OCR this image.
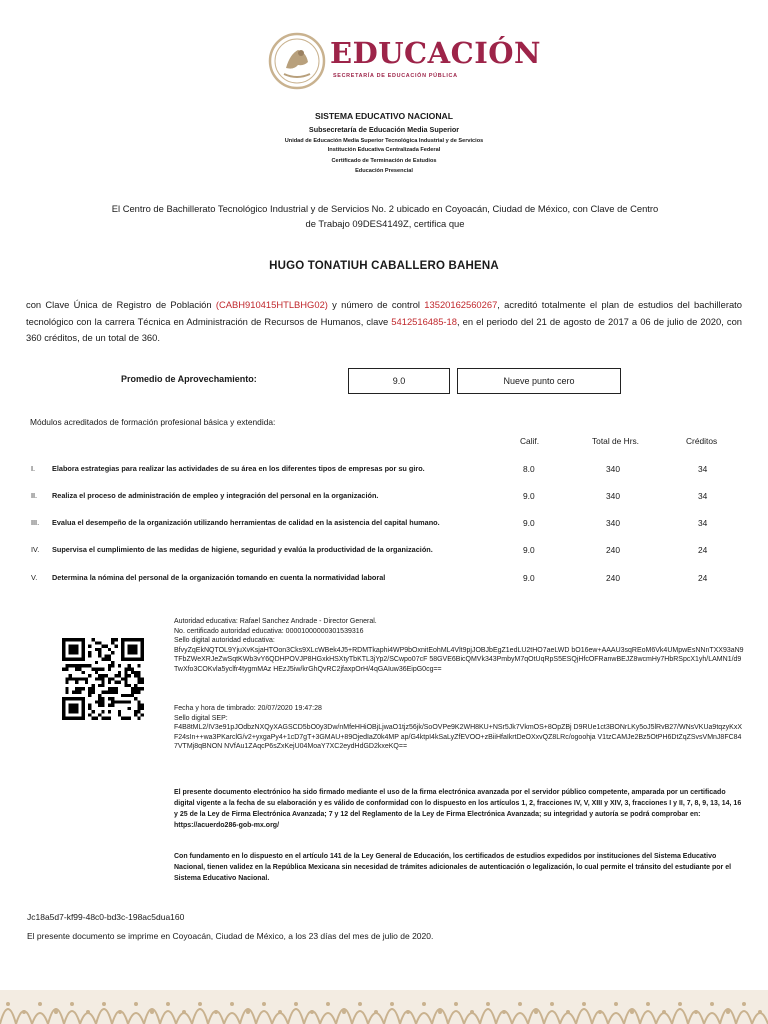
EDUCACIÓN
SECRETARÍA DE EDUCACIÓN PÚBLICA
SISTEMA EDUCATIVO NACIONAL
Subsecretaría de Educación Media Superior
Unidad de Educación Media Superior Tecnológica Industrial y de Servicios
Institución Educativa Centralizada Federal
Certificado de Terminación de Estudios
Educación Presencial
El Centro de Bachillerato Tecnológico Industrial y de Servicios No. 2 ubicado en Coyoacán, Ciudad de México, con Clave de Centro
de Trabajo 09DES4149Z, certifica que
HUGO TONATIUH CABALLERO BAHENA
con Clave Única de Registro de Población (CABH910415HTLBHG02) y número de control 13520162560267, acreditó totalmente el plan de estudios del bachillerato tecnológico con la carrera Técnica en Administración de Recursos de Humanos, clave 5412516485-18, en el periodo del 21 de agosto de 2017 a 06 de julio de 2020, con 360 créditos, de un total de 360.
Promedio de Aprovechamiento:	9.0	Nueve punto cero
Módulos acreditados de formación profesional básica y extendida:
Calif.	Total de Hrs.	Créditos
I. Elabora estrategias para realizar las actividades de su área en los diferentes tipos de empresas por su giro.	8.0	340	34
II. Realiza el proceso de administración de empleo y integración del personal en la organización.	9.0	340	34
III. Evalua el desempeño de la organización utilizando herramientas de calidad en la asistencia del capital humano.	9.0	340	34
IV. Supervisa el cumplimiento de las medidas de higiene, seguridad y evalúa la productividad de la organización.	9.0	240	24
V. Determina la nómina del personal de la organización tomando en cuenta la normatividad laboral	9.0	240	24
Autoridad educativa: Rafael Sanchez Andrade - Director General.
No. certificado autoridad educativa: 00001000000301539316
Sello digital autoridad educativa:
BfvyZqEkNQTOL9YjuXvKsjaHTOon3Cks9XLcWBek4J5+RDMTkaphi4WP9bOxnitEohML4Vlt9pjJOBJbEgZ1edLU2tHO7aeLWD bO16ew+AAAU3sqREoM6Vk4UMpwEsNNnTXX93aN9TFbZWeXRJeZwSqtKWb3vY6QDHPOVJP8HGxkHSXtyTbKTL3jYp2/SCwpo07cF 58GVE6BicQMVk343PmbyM7qOtUqRpS5ESQjHfcOFRanwBEJZ8wcmHy7HbRSpcX1yh/LAMN1/d9TwXfo3COKvla5yclfr4tygmMAz HEzJ5iw/krGhQvRC2jfaxpOrH/4qGAIuw36EipG0cg==
Fecha y hora de timbrado: 20/07/2020 19:47:28
Sello digital SEP:
F4B8tML2/IV3e91pJOdbzNXQyXAGSCD5bO0y3Dw/nMfeHHiOBjLjwaO1tjz56jk/SoOVPe9K2WH8KU+NSr5Jk7VkmOS+8OpZBj D9RUe1ct3BONrLKy5oJ5lRvB27/WNsVKUa9tqzyKxXF24sIn++wa3PKarclG/v2+yxgaPy4+1cD7gT+3GMAU+89OjedIaZ0k4MP ap/G4ktpI4kSaLyZfEVOO+zBiiHfaIkrtDeOXxvQZ8LRc/ogoohja V1tzCAMJe2Bz5OtPH6DtZqZSvsVMnJ8FC847VTMj8qBNON NVfAu1ZAqcP6sZxKejU04MoaY7XC2eydHdGD2kxeKQ==
El presente documento electrónico ha sido firmado mediante el uso de la firma electrónica avanzada por el servidor público competente, amparada por un certificado digital vigente a la fecha de su elaboración y es válido de conformidad con lo dispuesto en los artículos 1, 2, fracciones IV, V, XIII y XIV, 3, fracciones I y II, 7, 8, 9, 13, 14, 16 y 25 de la Ley de Firma Electrónica Avanzada; 7 y 12 del Reglamento de la Ley de Firma Electrónica Avanzada; su integridad y autoría se podrá comprobar en: https://acuerdo286-gob-mx.org/
Con fundamento en lo dispuesto en el artículo 141 de la Ley General de Educación, los certificados de estudios expedidos por instituciones del Sistema Educativo Nacional, tienen validez en la República Mexicana sin necesidad de trámites adicionales de autenticación o legalización, lo cual permite el tránsito del estudiante por el Sistema Educativo Nacional.
Jc18a5d7-kf99-48c0-bd3c-198ac5dua160
El presente documento se imprime en Coyoacán, Ciudad de México, a los 23 días del mes de julio de 2020.
